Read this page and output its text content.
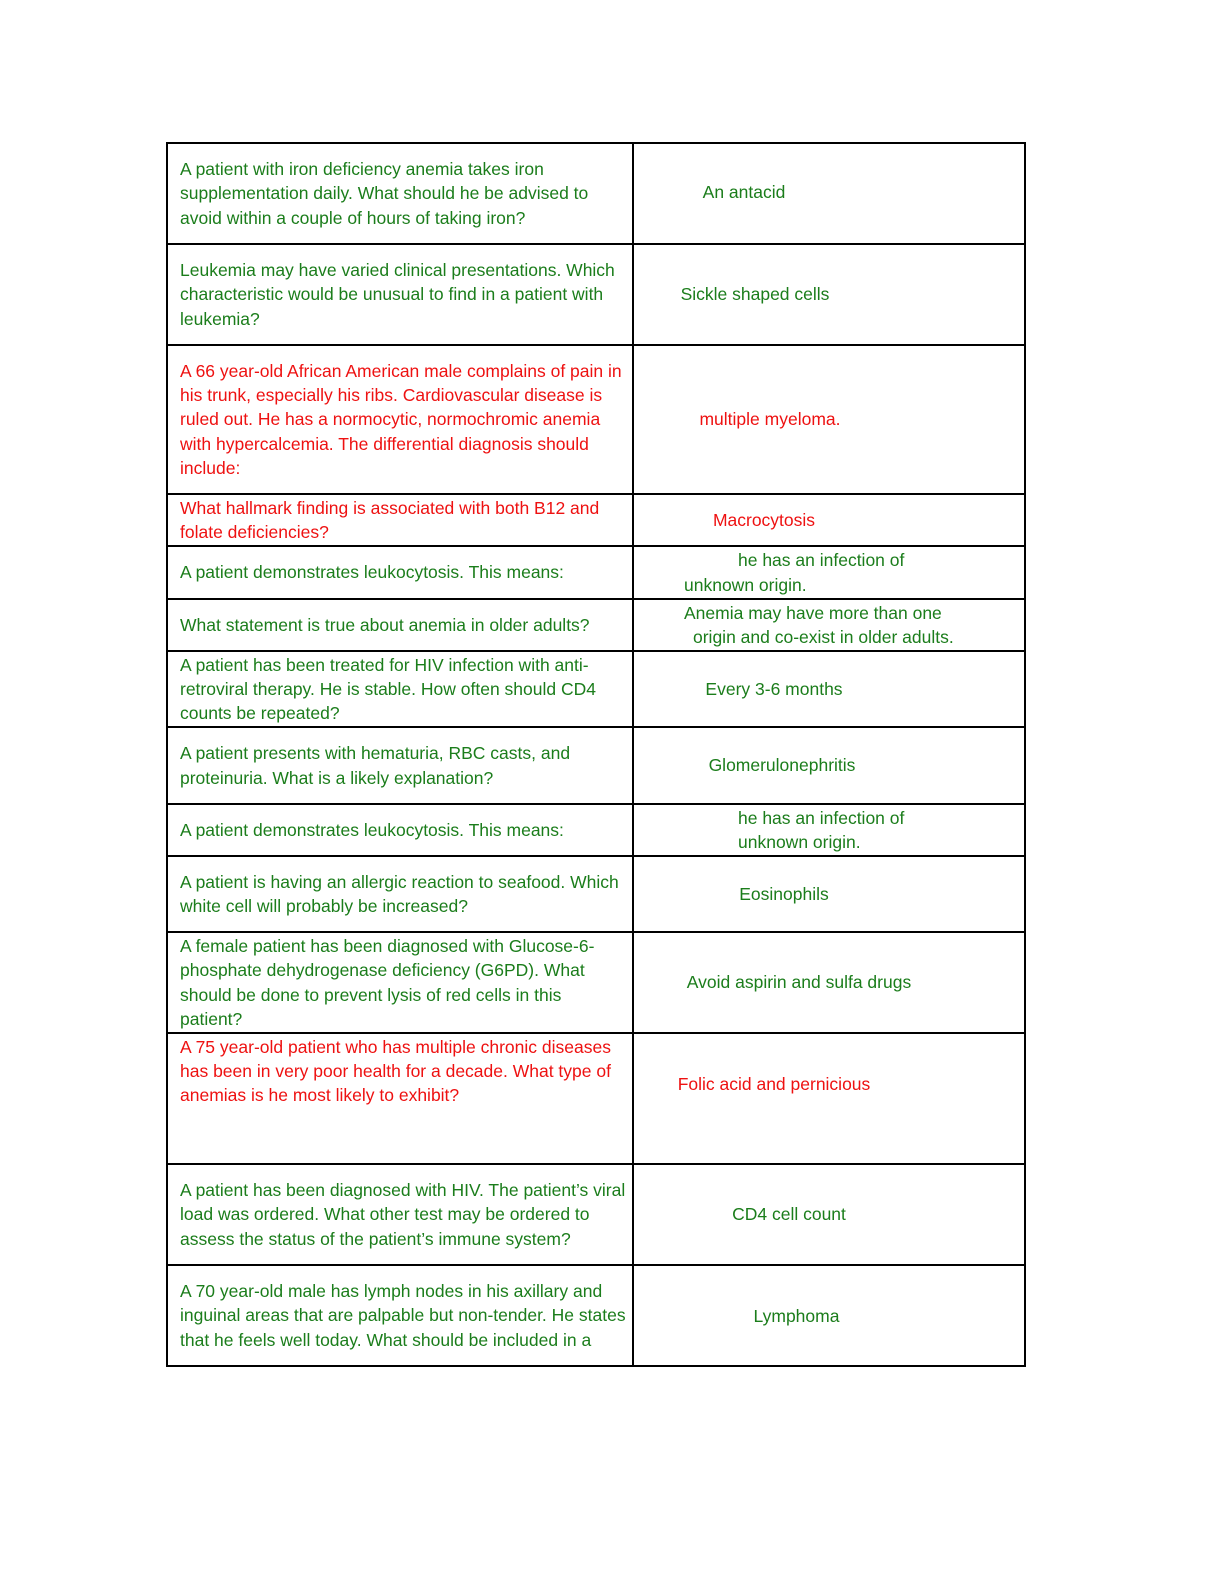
A patient with iron deficiency anemia takes iron supplementation daily. What should he be advised to avoid within a couple of hours of taking iron?	An antacid
Leukemia may have varied clinical presentations. Which characteristic would be unusual to find in a patient with leukemia?	Sickle shaped cells
A 66 year-old African American male complains of pain in his trunk, especially his ribs. Cardiovascular disease is ruled out. He has a normocytic, normochromic anemia with hypercalcemia. The differential diagnosis should include:	multiple myeloma.
What hallmark finding is associated with both B12 and folate deficiencies?	Macrocytosis
A patient demonstrates leukocytosis. This means:	he has an infection of unknown origin.
What statement is true about anemia in older adults?	Anemia may have more than one origin and co-exist in older adults.
A patient has been treated for HIV infection with anti-retroviral therapy. He is stable. How often should CD4 counts be repeated?	Every 3-6 months
A patient presents with hematuria, RBC casts, and proteinuria. What is a likely explanation?	Glomerulonephritis
A patient demonstrates leukocytosis. This means:	he has an infection of unknown origin.
A patient is having an allergic reaction to seafood. Which white cell will probably be increased?	Eosinophils
A female patient has been diagnosed with Glucose-6-phosphate dehydrogenase deficiency (G6PD). What should be done to prevent lysis of red cells in this patient?	Avoid aspirin and sulfa drugs
A 75 year-old patient who has multiple chronic diseases has been in very poor health for a decade. What type of anemias is he most likely to exhibit?	Folic acid and pernicious
A patient has been diagnosed with HIV. The patient’s viral load was ordered. What other test may be ordered to assess the status of the patient’s immune system?	CD4 cell count
A 70 year-old male has lymph nodes in his axillary and inguinal areas that are palpable but non-tender. He states that he feels well today. What should be included in a	Lymphoma
